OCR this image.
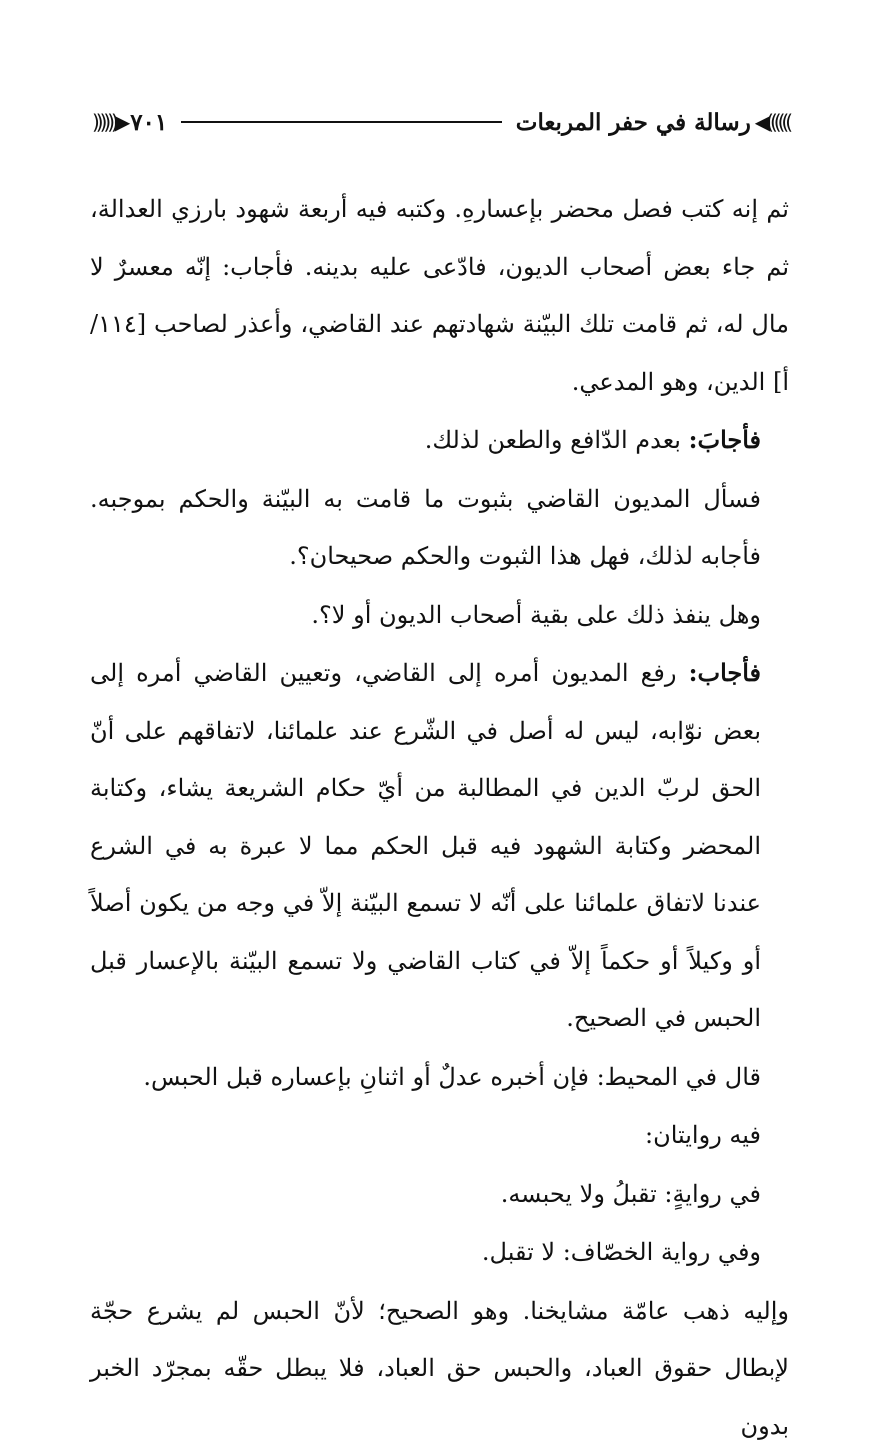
◀((((((
رسالة في حفر المربعات
٧٠١
))))))▶

ثم إنه كتب فصل محضر بإعسارهِ. وكتبه فيه أربعة شهود بارزي العدالة، ثم جاء بعض أصحاب الديون، فادّعى عليه بدينه. فأجاب: إنّه معسرٌ لا مال له، ثم قامت تلك البيّنة شهادتهم عند القاضي، وأعذر لصاحب [١١٤/ أ] الدين، وهو المدعي.

فأجابَ: بعدم الدّافع والطعن لذلك.

فسأل المديون القاضي بثبوت ما قامت به البيّنة والحكم بموجبه. فأجابه لذلك، فهل هذا الثبوت والحكم صحيحان؟.

وهل ينفذ ذلك على بقية أصحاب الديون أو لا؟.

فأجاب: رفع المديون أمره إلى القاضي، وتعيين القاضي أمره إلى بعض نوّابه، ليس له أصل في الشّرع عند علمائنا، لاتفاقهم على أنّ الحق لربّ الدين في المطالبة من أيّ حكام الشريعة يشاء، وكتابة المحضر وكتابة الشهود فيه قبل الحكم مما لا عبرة به في الشرع عندنا لاتفاق علمائنا على أنّه لا تسمع البيّنة إلاّ في وجه من يكون أصلاً أو وكيلاً أو حكماً إلاّ في كتاب القاضي ولا تسمع البيّنة بالإعسار قبل الحبس في الصحيح.

قال في المحيط: فإن أخبره عدلٌ أو اثنانِ بإعساره قبل الحبس.

فيه روايتان:

في روايةٍ: تقبلُ ولا يحبسه.

وفي رواية الخصّاف: لا تقبل.

وإليه ذهب عامّة مشايخنا. وهو الصحيح؛ لأنّ الحبس لم يشرع حجّة لإبطال حقوق العباد، والحبس حق العباد، فلا يبطل حقّه بمجرّد الخبر بدون
